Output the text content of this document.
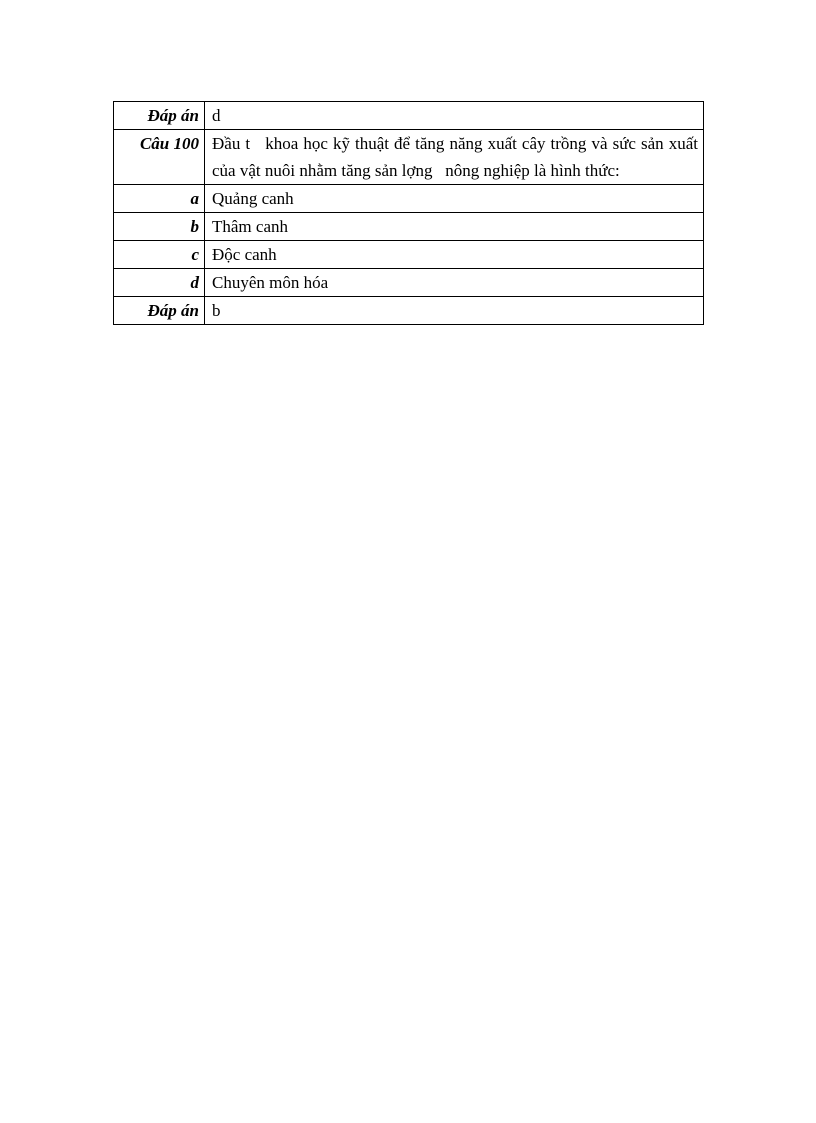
Đáp án	d
Câu 100	Đầu t   khoa học kỹ thuật để tăng năng xuất cây trồng và sức sản xuất của vật nuôi nhằm tăng sản lợng   nông nghiệp là hình thức:
a	Quảng canh
b	Thâm canh
c	Độc canh
d	Chuyên môn hóa
Đáp án	b
